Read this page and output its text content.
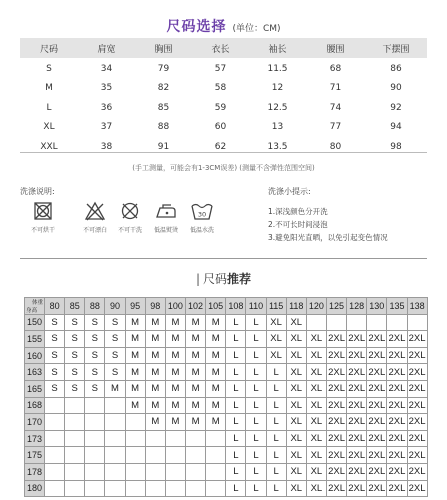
尺码选择 (单位：CM)
尺码	肩宽	胸围	衣长	袖长	腰围	下摆围
S	34	79	57	11.5	68	86
M	35	82	58	12	71	90
L	36	85	59	12.5	74	92
XL	37	88	60	13	77	94
XXL	38	91	62	13.5	80	98
(手工测量，可能会有1-3CM误差) (测量不含弹性范围空间)
洗涤说明:
不可烘干	不可漂白	不可干洗	低温熨烫
30
低温水洗
洗涤小提示:
1.深浅颜色分开洗
2.不可长时间浸泡
3.避免阳光直晒，以免引起变色情况
| 尺码推荐
体重
身高	80	85	88	90	95	98	100	102	105	108	110	115	118	120	125	128	130	135	138
150	S	S	S	S	M	M	M	M	M	L	L	XL	XL						
155	S	S	S	S	M	M	M	M	M	L	L	XL	XL	XL	2XL	2XL	2XL	2XL	2XL
160	S	S	S	S	M	M	M	M	M	L	L	XL	XL	XL	2XL	2XL	2XL	2XL	2XL
163	S	S	S	S	M	M	M	M	M	L	L	L	XL	XL	2XL	2XL	2XL	2XL	2XL
165	S	S	S	M	M	M	M	M	M	L	L	L	XL	XL	2XL	2XL	2XL	2XL	2XL
168					M	M	M	M	M	L	L	L	XL	XL	2XL	2XL	2XL	2XL	2XL
170						M	M	M	M	L	L	L	XL	XL	2XL	2XL	2XL	2XL	2XL
173										L	L	L	XL	XL	2XL	2XL	2XL	2XL	2XL
175										L	L	L	XL	XL	2XL	2XL	2XL	2XL	2XL
178										L	L	L	XL	XL	2XL	2XL	2XL	2XL	2XL
180										L	L	L	XL	XL	2XL	2XL	2XL	2XL	2XL
